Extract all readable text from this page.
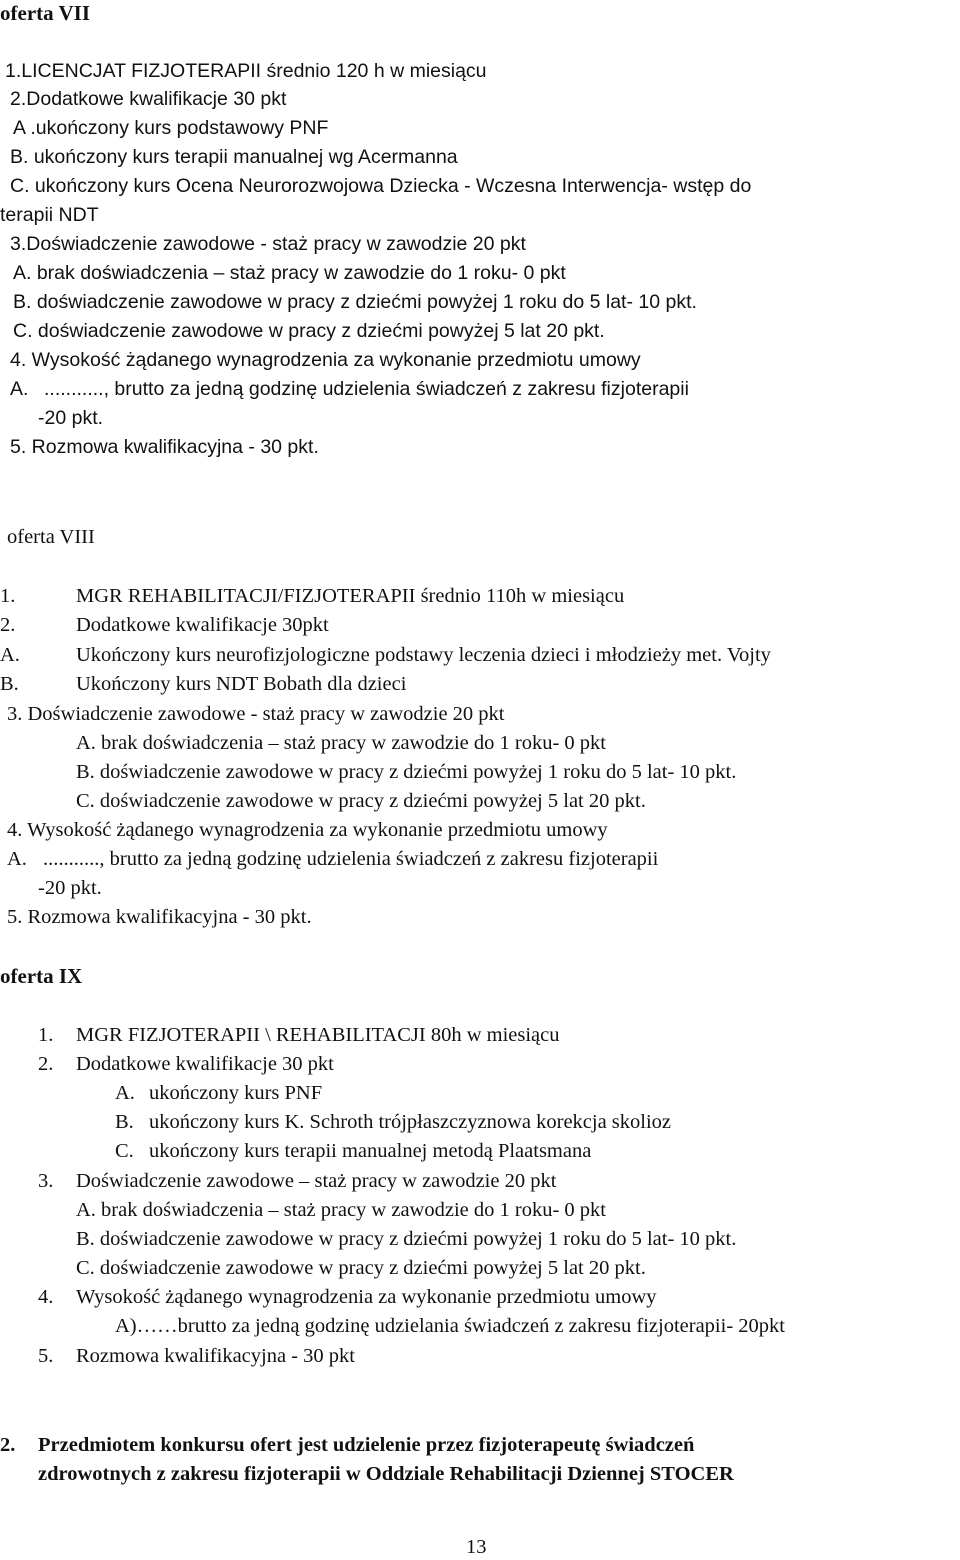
oferta VII

1.LICENCJAT FIZJOTERAPII średnio 120 h w miesiącu

2.Dodatkowe kwalifikacje 30 pkt

A .ukończony kurs podstawowy PNF

B. ukończony kurs terapii manualnej wg Acermanna

C. ukończony kurs Ocena Neurorozwojowa Dziecka - Wczesna Interwencja- wstęp do

terapii NDT

3.Doświadczenie zawodowe - staż pracy w zawodzie 20 pkt

A. brak doświadczenia – staż pracy w zawodzie do 1 roku- 0 pkt

B. doświadczenie zawodowe w pracy z dziećmi powyżej 1 roku do 5 lat- 10 pkt.

C. doświadczenie zawodowe w pracy z dziećmi powyżej 5 lat 20 pkt.

4. Wysokość żądanego wynagrodzenia za wykonanie przedmiotu umowy

A. ..........., brutto za jedną godzinę udzielenia świadczeń z zakresu fizjoterapii

-20 pkt.

5. Rozmowa kwalifikacyjna - 30 pkt.

oferta VIII

1.	MGR REHABILITACJI/FIZJOTERAPII średnio 110h w miesiącu

2.	Dodatkowe kwalifikacje 30pkt

A.	Ukończony kurs neurofizjologiczne podstawy leczenia dzieci i młodzieży met. Vojty

B.	Ukończony kurs NDT Bobath dla dzieci

3. Doświadczenie zawodowe - staż pracy w zawodzie 20 pkt

A. brak doświadczenia – staż pracy w zawodzie do 1 roku- 0 pkt

B. doświadczenie zawodowe w pracy z dziećmi powyżej 1 roku do 5 lat- 10 pkt.

C. doświadczenie zawodowe w pracy z dziećmi powyżej 5 lat 20 pkt.

4. Wysokość żądanego wynagrodzenia za wykonanie przedmiotu umowy

A. ..........., brutto za jedną godzinę udzielenia świadczeń z zakresu fizjoterapii

-20 pkt.

5. Rozmowa kwalifikacyjna - 30 pkt.

oferta IX

1. MGR FIZJOTERAPII \ REHABILITACJI 80h w miesiącu

2. Dodatkowe kwalifikacje 30 pkt

A. ukończony kurs PNF

B. ukończony kurs K. Schroth trójpłaszczyznowa korekcja skolioz

C. ukończony kurs terapii manualnej metodą Plaatsmana

3. Doświadczenie zawodowe – staż pracy w zawodzie 20 pkt

A. brak doświadczenia – staż pracy w zawodzie do 1 roku- 0 pkt

B. doświadczenie zawodowe w pracy z dziećmi powyżej 1 roku do 5 lat- 10 pkt.

C. doświadczenie zawodowe w pracy z dziećmi powyżej 5 lat 20 pkt.

4. Wysokość żądanego wynagrodzenia za wykonanie przedmiotu umowy

A)……brutto za jedną godzinę udzielania świadczeń z zakresu fizjoterapii- 20pkt

5. Rozmowa kwalifikacyjna - 30 pkt

2. Przedmiotem konkursu ofert jest udzielenie przez fizjoterapeutę świadczeń

zdrowotnych z zakresu fizjoterapii w Oddziale Rehabilitacji Dziennej STOCER

13
